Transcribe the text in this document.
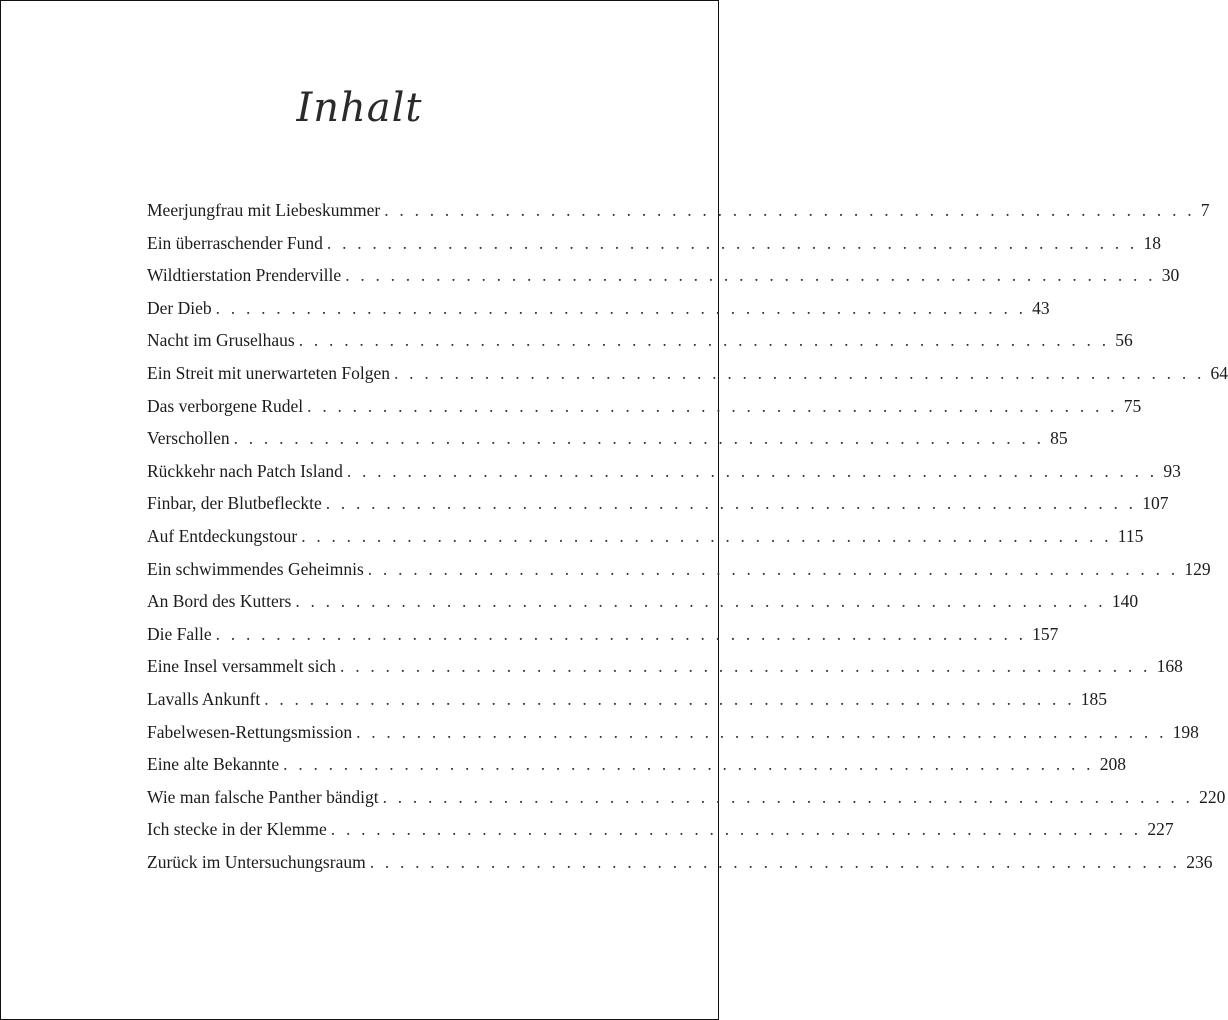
Inhalt
Meerjungfrau mit Liebeskummer . . . . . . . . . . . . . . . . . . . . . . . . . . . . . . . . . . . . . . . . . . . . . . . . . . . . . . 7
Ein überraschender Fund . . . . . . . . . . . . . . . . . . . . . . . . . . . . . . . . . . . . . . . . . . . . . . . . . . . . . . 18
Wildtierstation Prenderville . . . . . . . . . . . . . . . . . . . . . . . . . . . . . . . . . . . . . . . . . . . . . . . . . . . . . . 30
Der Dieb . . . . . . . . . . . . . . . . . . . . . . . . . . . . . . . . . . . . . . . . . . . . . . . . . . . . . . 43
Nacht im Gruselhaus . . . . . . . . . . . . . . . . . . . . . . . . . . . . . . . . . . . . . . . . . . . . . . . . . . . . . . 56
Ein Streit mit unerwarteten Folgen . . . . . . . . . . . . . . . . . . . . . . . . . . . . . . . . . . . . . . . . . . . . . . . . . . . . . . 64
Das verborgene Rudel . . . . . . . . . . . . . . . . . . . . . . . . . . . . . . . . . . . . . . . . . . . . . . . . . . . . . . 75
Verschollen . . . . . . . . . . . . . . . . . . . . . . . . . . . . . . . . . . . . . . . . . . . . . . . . . . . . . . 85
Rückkehr nach Patch Island . . . . . . . . . . . . . . . . . . . . . . . . . . . . . . . . . . . . . . . . . . . . . . . . . . . . . . 93
Finbar, der Blutbefleckte . . . . . . . . . . . . . . . . . . . . . . . . . . . . . . . . . . . . . . . . . . . . . . . . . . . . . . 107
Auf Entdeckungstour . . . . . . . . . . . . . . . . . . . . . . . . . . . . . . . . . . . . . . . . . . . . . . . . . . . . . . 115
Ein schwimmendes Geheimnis . . . . . . . . . . . . . . . . . . . . . . . . . . . . . . . . . . . . . . . . . . . . . . . . . . . . . . 129
An Bord des Kutters . . . . . . . . . . . . . . . . . . . . . . . . . . . . . . . . . . . . . . . . . . . . . . . . . . . . . . 140
Die Falle . . . . . . . . . . . . . . . . . . . . . . . . . . . . . . . . . . . . . . . . . . . . . . . . . . . . . . 157
Eine Insel versammelt sich . . . . . . . . . . . . . . . . . . . . . . . . . . . . . . . . . . . . . . . . . . . . . . . . . . . . . . 168
Lavalls Ankunft . . . . . . . . . . . . . . . . . . . . . . . . . . . . . . . . . . . . . . . . . . . . . . . . . . . . . . 185
Fabelwesen-Rettungsmission . . . . . . . . . . . . . . . . . . . . . . . . . . . . . . . . . . . . . . . . . . . . . . . . . . . . . . 198
Eine alte Bekannte . . . . . . . . . . . . . . . . . . . . . . . . . . . . . . . . . . . . . . . . . . . . . . . . . . . . . . 208
Wie man falsche Panther bändigt . . . . . . . . . . . . . . . . . . . . . . . . . . . . . . . . . . . . . . . . . . . . . . . . . . . . . . 220
Ich stecke in der Klemme . . . . . . . . . . . . . . . . . . . . . . . . . . . . . . . . . . . . . . . . . . . . . . . . . . . . . . 227
Zurück im Untersuchungsraum . . . . . . . . . . . . . . . . . . . . . . . . . . . . . . . . . . . . . . . . . . . . . . . . . . . . . . 236
